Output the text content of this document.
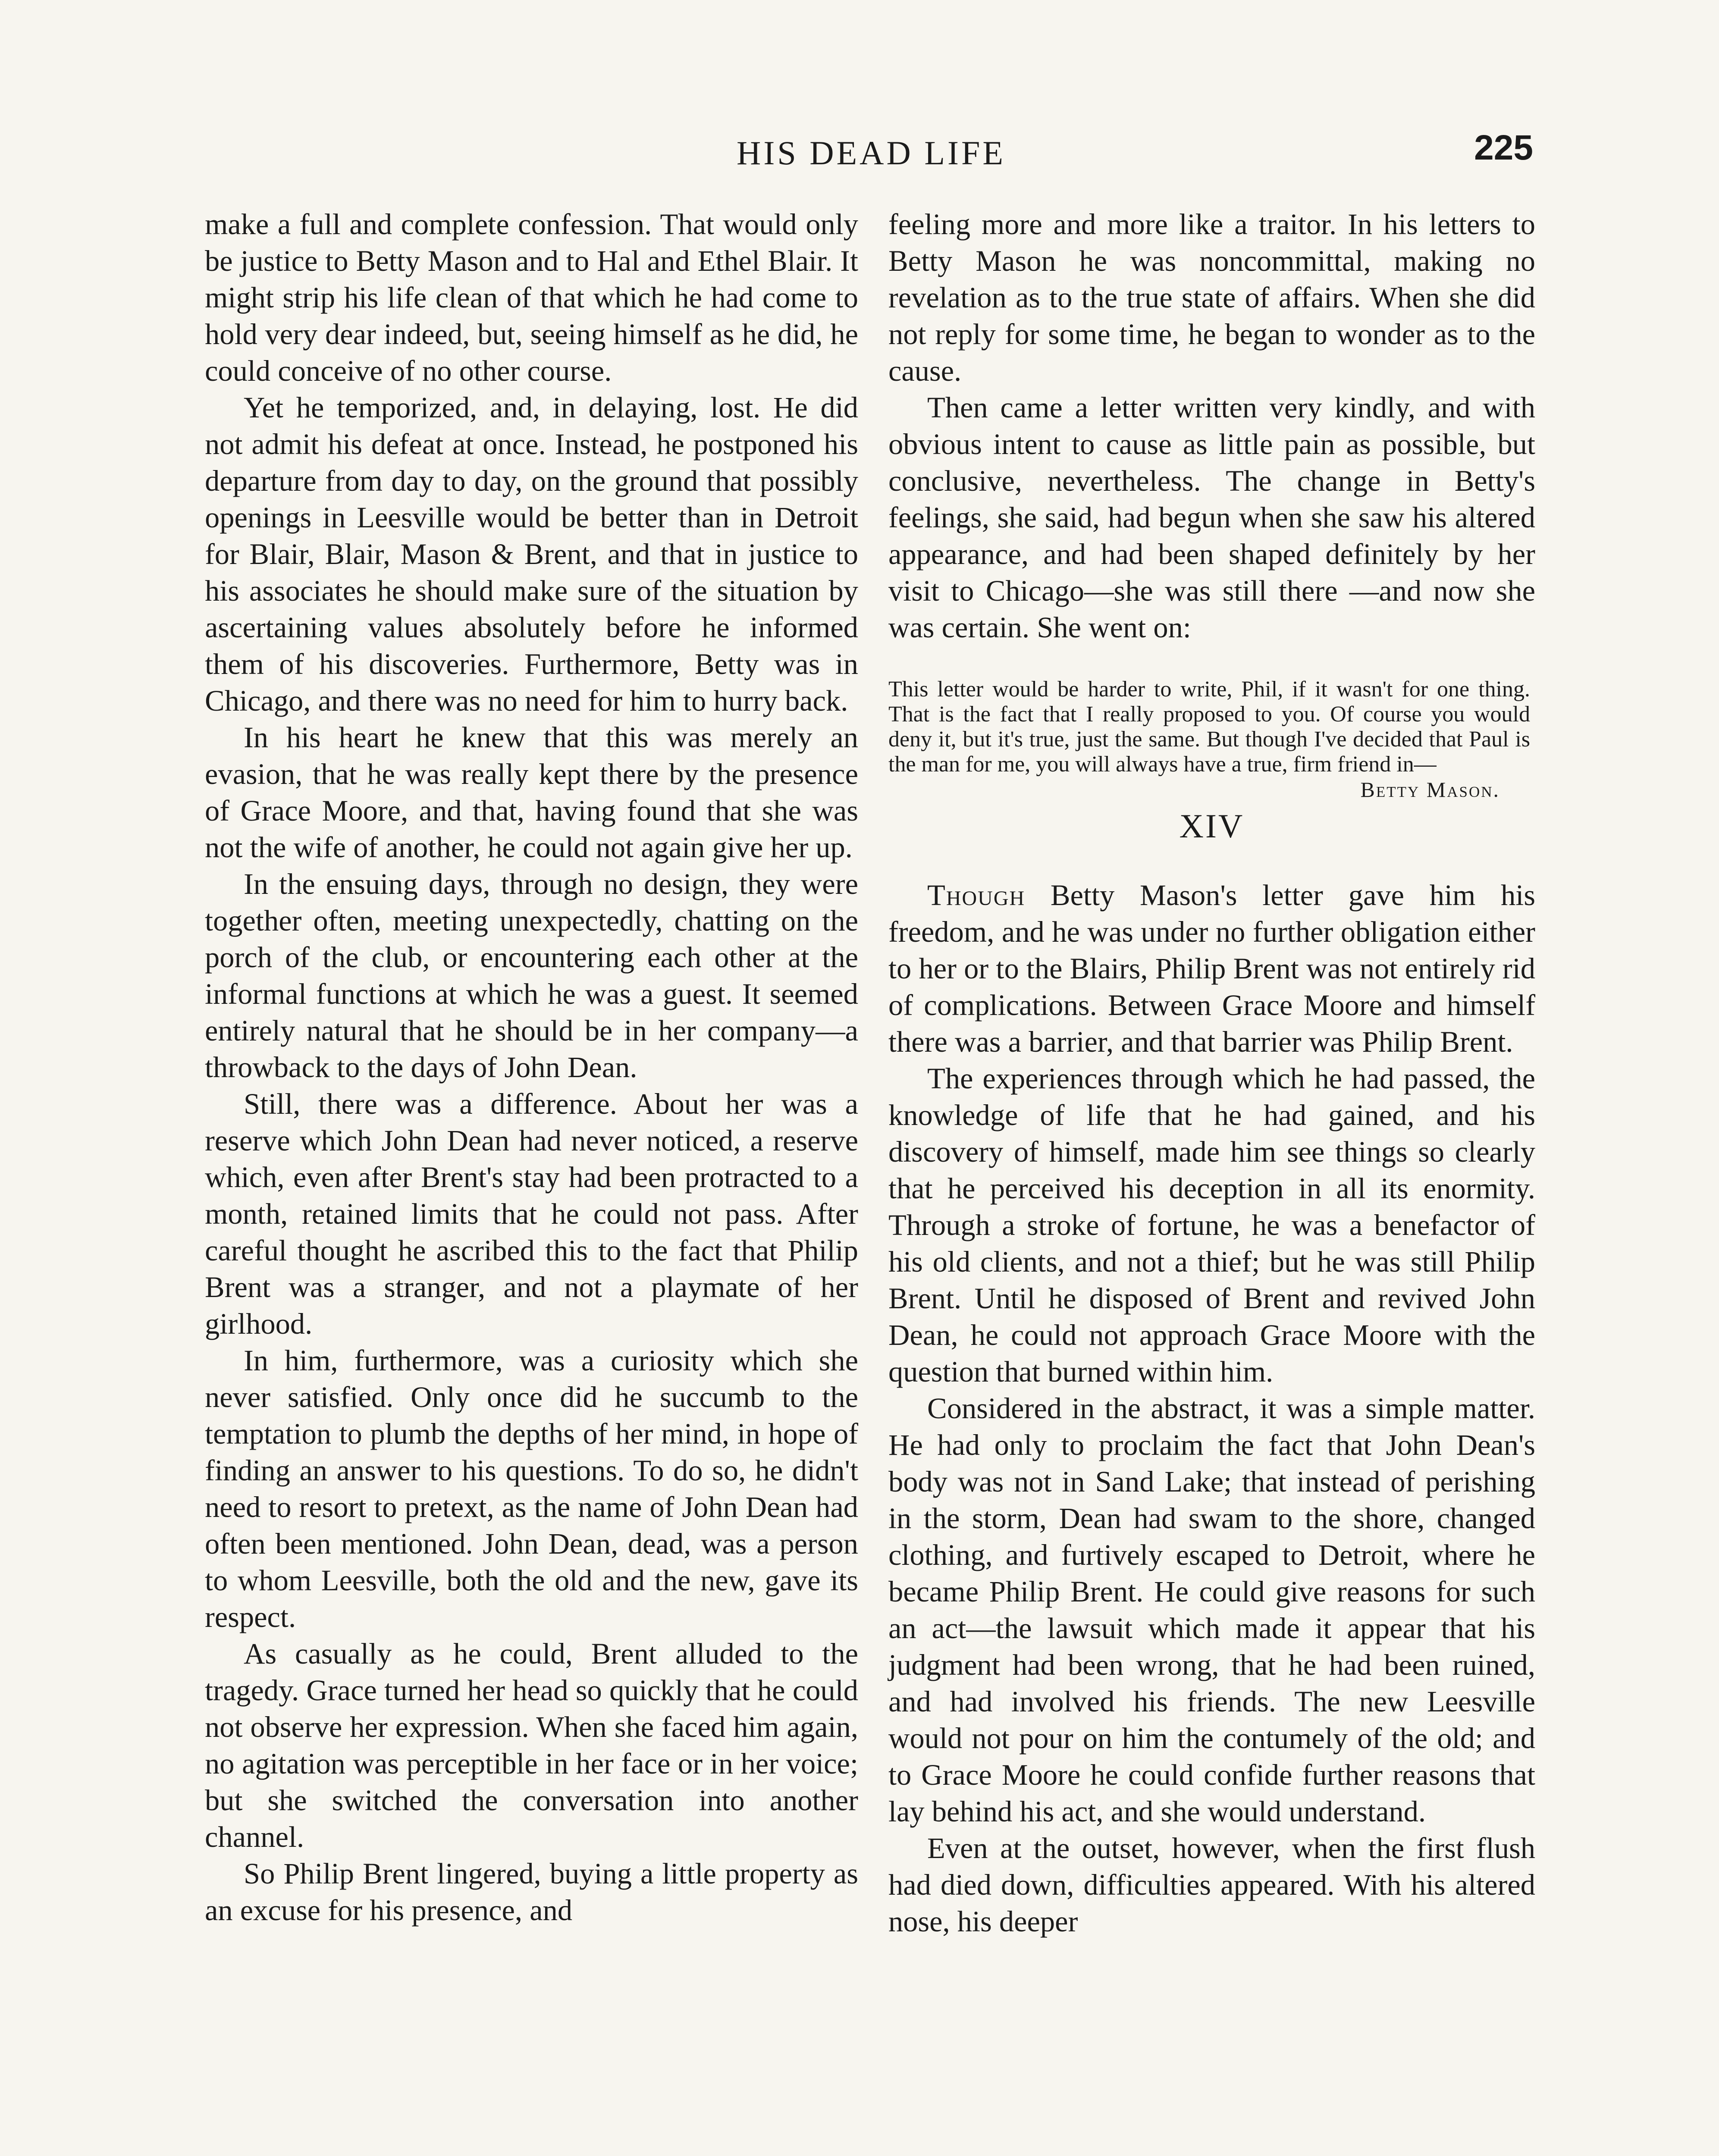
HIS DEAD LIFE	225

make a full and complete confession. That would only be justice to Betty Mason and to Hal and Ethel Blair. It might strip his life clean of that which he had come to hold very dear indeed, but, seeing himself as he did, he could conceive of no other course.

Yet he temporized, and, in delaying, lost. He did not admit his defeat at once. Instead, he postponed his departure from day to day, on the ground that possibly openings in Leesville would be better than in Detroit for Blair, Blair, Mason & Brent, and that in justice to his associates he should make sure of the situation by ascertaining values absolutely before he informed them of his discoveries. Furthermore, Betty was in Chicago, and there was no need for him to hurry back.

In his heart he knew that this was merely an evasion, that he was really kept there by the presence of Grace Moore, and that, having found that she was not the wife of another, he could not again give her up.

In the ensuing days, through no design, they were together often, meeting unexpectedly, chatting on the porch of the club, or encountering each other at the informal functions at which he was a guest. It seemed entirely natural that he should be in her company—a throwback to the days of John Dean.

Still, there was a difference. About her was a reserve which John Dean had never noticed, a reserve which, even after Brent's stay had been protracted to a month, retained limits that he could not pass. After careful thought he ascribed this to the fact that Philip Brent was a stranger, and not a playmate of her girlhood.

In him, furthermore, was a curiosity which she never satisfied. Only once did he succumb to the temptation to plumb the depths of her mind, in hope of finding an answer to his questions. To do so, he didn't need to resort to pretext, as the name of John Dean had often been mentioned. John Dean, dead, was a person to whom Leesville, both the old and the new, gave its respect.

As casually as he could, Brent alluded to the tragedy. Grace turned her head so quickly that he could not observe her expression. When she faced him again, no agitation was perceptible in her face or in her voice; but she switched the conversation into another channel.

So Philip Brent lingered, buying a little property as an excuse for his presence, and

feeling more and more like a traitor. In his letters to Betty Mason he was noncommittal, making no revelation as to the true state of affairs. When she did not reply for some time, he began to wonder as to the cause.

Then came a letter written very kindly, and with obvious intent to cause as little pain as possible, but conclusive, nevertheless. The change in Betty's feelings, she said, had begun when she saw his altered appearance, and had been shaped definitely by her visit to Chicago—she was still there —and now she was certain. She went on:

This letter would be harder to write, Phil, if it wasn't for one thing. That is the fact that I really proposed to you. Of course you would deny it, but it's true, just the same. But though I've decided that Paul is the man for me, you will always have a true, firm friend in—
Betty Mason.
XIV

Though Betty Mason's letter gave him his freedom, and he was under no further obligation either to her or to the Blairs, Philip Brent was not entirely rid of complications. Between Grace Moore and himself there was a barrier, and that barrier was Philip Brent.

The experiences through which he had passed, the knowledge of life that he had gained, and his discovery of himself, made him see things so clearly that he perceived his deception in all its enormity. Through a stroke of fortune, he was a benefactor of his old clients, and not a thief; but he was still Philip Brent. Until he disposed of Brent and revived John Dean, he could not approach Grace Moore with the question that burned within him.

Considered in the abstract, it was a simple matter. He had only to proclaim the fact that John Dean's body was not in Sand Lake; that instead of perishing in the storm, Dean had swam to the shore, changed clothing, and furtively escaped to Detroit, where he became Philip Brent. He could give reasons for such an act—the lawsuit which made it appear that his judgment had been wrong, that he had been ruined, and had involved his friends. The new Leesville would not pour on him the contumely of the old; and to Grace Moore he could confide further reasons that lay behind his act, and she would understand.

Even at the outset, however, when the first flush had died down, difficulties appeared. With his altered nose, his deeper
